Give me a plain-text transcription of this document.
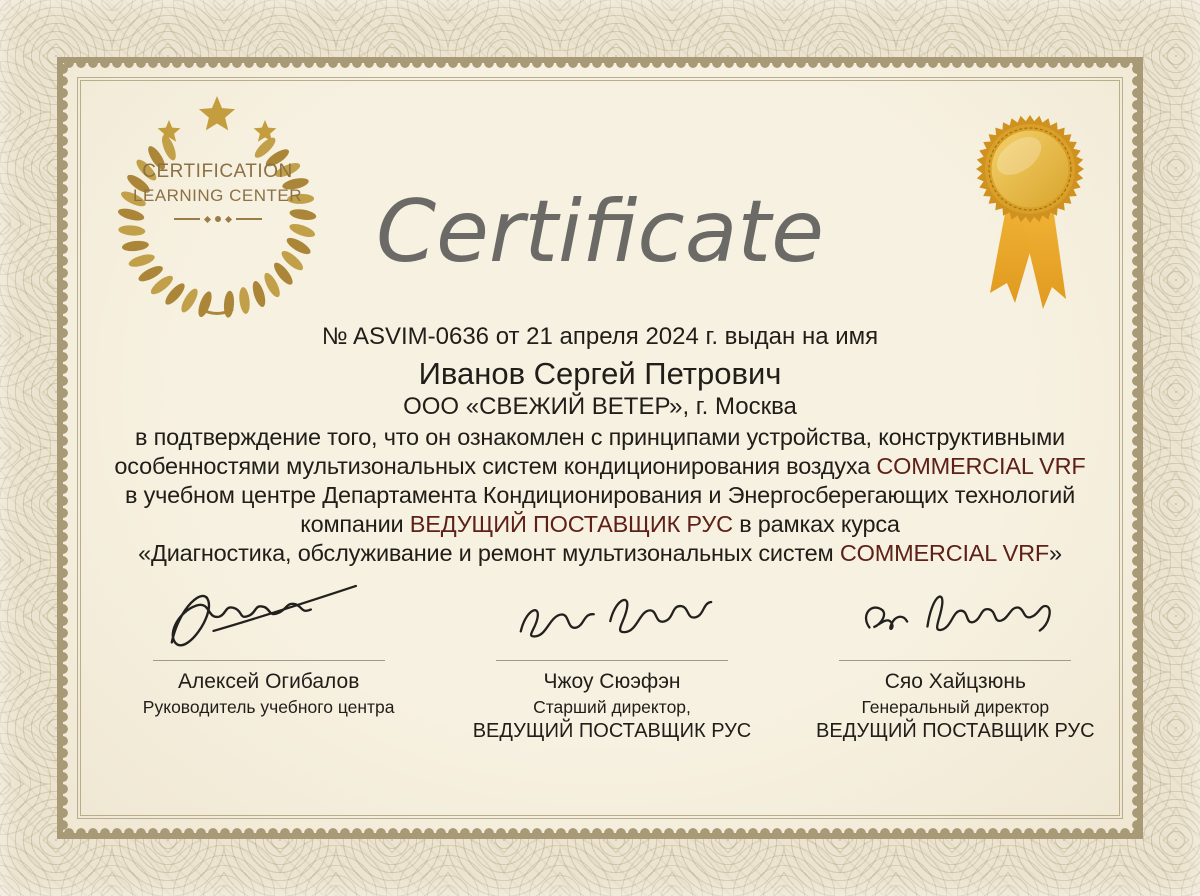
CERTIFICATION
LEARNING CENTER Certificate
№ ASVIM-0636 от 21 апреля 2024 г. выдан на имя
Иванов Сергей Петрович
ООО «СВЕЖИЙ ВЕТЕР», г. Москва
в подтверждение того, что он ознакомлен с принципами устройства, конструктивными
особенностями мультизональных систем кондиционирования воздуха COMMERCIAL VRF
в учебном центре Департамента Кондиционирования и Энергосберегающих технологий
компании ВЕДУЩИЙ ПОСТАВЩИК РУС в рамках курса
«Диагностика, обслуживание и ремонт мультизональных систем COMMERCIAL VRF»
Алексей Огибалов
Руководитель учебного центра
Чжоу Сюэфэн
Старший директор,
ВЕДУЩИЙ ПОСТАВЩИК РУС
Сяо Хайцзюнь
Генеральный директор
ВЕДУЩИЙ ПОСТАВЩИК РУС
